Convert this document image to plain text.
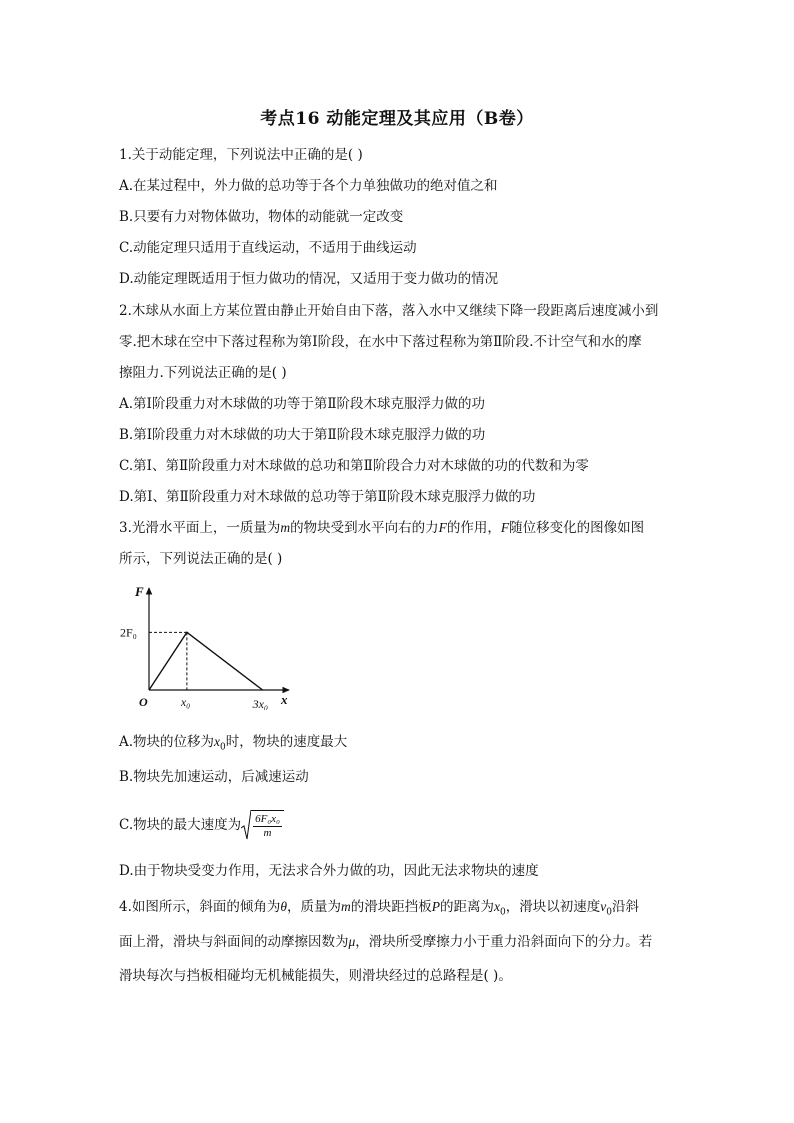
考点16 动能定理及其应用（B卷）
1.关于动能定理，下列说法中正确的是( )
A.在某过程中，外力做的总功等于各个力单独做功的绝对值之和
B.只要有力对物体做功，物体的动能就一定改变
C.动能定理只适用于直线运动，不适用于曲线运动
D.动能定理既适用于恒力做功的情况，又适用于变力做功的情况
2.木球从水面上方某位置由静止开始自由下落，落入水中又继续下降一段距离后速度减小到
零.把木球在空中下落过程称为第Ⅰ阶段，在水中下落过程称为第Ⅱ阶段.不计空气和水的摩
擦阻力.下列说法正确的是( )
A.第Ⅰ阶段重力对木球做的功等于第Ⅱ阶段木球克服浮力做的功
B.第Ⅰ阶段重力对木球做的功大于第Ⅱ阶段木球克服浮力做的功
C.第Ⅰ、第Ⅱ阶段重力对木球做的总功和第Ⅱ阶段合力对木球做的功的代数和为零
D.第Ⅰ、第Ⅱ阶段重力对木球做的总功等于第Ⅱ阶段木球克服浮力做的功
3.光滑水平面上，一质量为m的物块受到水平向右的力F的作用，F随位移变化的图像如图
所示，下列说法正确的是( )
F
x
O
2F₀
x₀	3x₀
A.物块的位移为$x_0$时，物块的速度最大
B.物块先加速运动，后减速运动
C.物块的最大速度为 $\frac{\text{6F₀x₀}}{m}$
D.由于物块受变力作用，无法求合外力做的功，因此无法求物块的速度
4.如图所示，斜面的倾角为θ，质量为m的滑块距挡板P的距离为$x_0$，滑块以初速度$v_0$沿斜
面上滑，滑块与斜面间的动摩擦因数为μ，滑块所受摩擦力小于重力沿斜面向下的分力。若
滑块每次与挡板相碰均无机械能损失，则滑块经过的总路程是( )。
